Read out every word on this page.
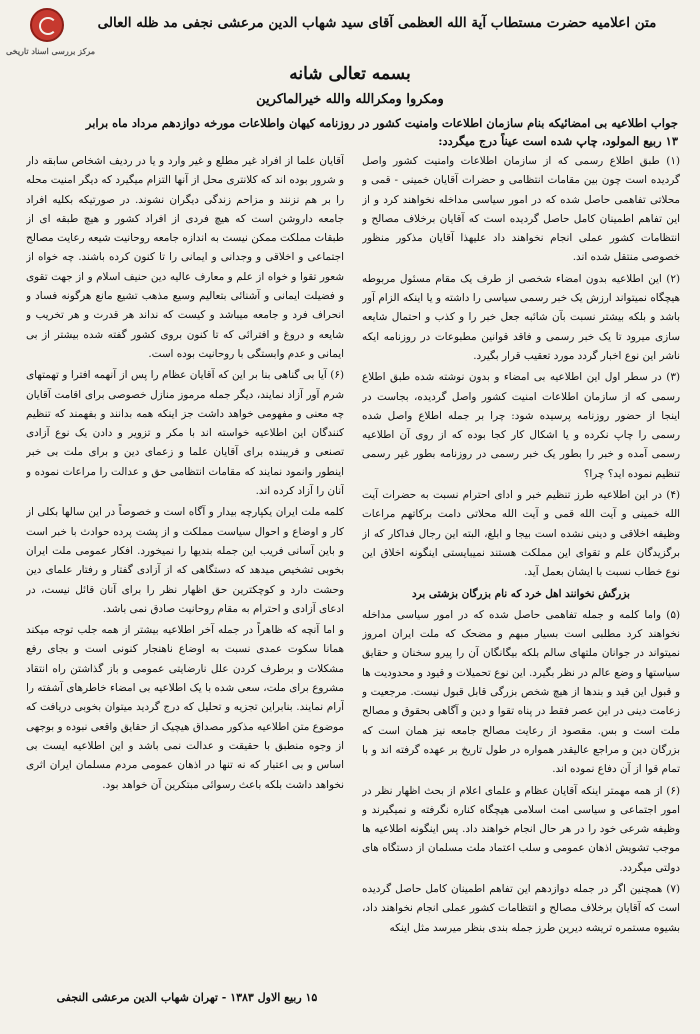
مرکز بررسی اسناد تاریخی
متن اعلامیه حضرت مستطاب آیة الله العظمی آقای سید شهاب الدین مرعشی نجفی مد ظله العالی
بسمه تعالی شانه
ومکروا ومکرالله والله خیرالماکرین
جواب اطلاعیه بی امضائیکه بنام سازمان اطلاعات وامنیت کشور در روزنامه کیهان واطلاعات مورخه دوازدهم مرداد ماه برابر
۱۳ ربیع المولود، چاپ شده است عیناً درج میگردد:

(۱) طبق اطلاع رسمی که از سازمان اطلاعات وامنیت کشور واصل گردیده است چون بین مقامات انتظامی و حضرات آقایان خمینی - قمی و محلاتی تفاهمی حاصل شده که در امور سیاسی مداخله نخواهند کرد و از این تفاهم اطمینان کامل حاصل گردیده است که آقایان برخلاف مصالح و انتظامات کشور عملی انجام نخواهند داد علیهذا آقایان مذکور منظور خصوصی منتقل شده اند.

(۲) این اطلاعیه بدون امضاء شخصی از طرف یک مقام مسئول مربوطه هیچگاه نمیتواند ارزش یک خبر رسمی سیاسی را داشته و یا اینکه الزام آور باشد و بلکه بیشتر نسبت بآن شائبه جعل خبر را و کذب و احتمال شایعه سازی میرود تا یک خبر رسمی و فاقد قوانین مطبوعات در روزنامه ایکه ناشر این نوع اخبار گردد مورد تعقیب قرار بگیرد.

(۳) در سطر اول این اطلاعیه بی امضاء و بدون نوشته شده طبق اطلاع رسمی که از سازمان اطلاعات امنیت کشور واصل گردیده، بجاست در اینجا از حضور روزنامه پرسیده شود: چرا بر جمله اطلاع واصل شده رسمی را چاپ نکرده و یا اشکال کار کجا بوده که از روی آن اطلاعیه رسمی آمده و خبر را بطور یک خبر رسمی در روزنامه بطور غیر رسمی تنظیم نموده اید؟ چرا؟

(۴) در این اطلاعیه طرز تنظیم خبر و ادای احترام نسبت به حضرات آیت الله خمینی و آیت الله قمی و آیت الله محلاتی دامت برکاتهم مراعات وظیفه اخلاقی و دینی نشده است بیجا و ابلغ، البته این رجال فداکار که از برگزیدگان علم و تقوای این مملکت هستند نمیبایستی اینگونه اخلاق این نوع خطاب نسبت با ایشان بعمل آید.

بزرگش نخوانند اهل خرد که نام بزرگان بزشتی برد

(۵) واما کلمه و جمله تفاهمی حاصل شده که در امور سیاسی مداخله نخواهند کرد مطلبی است بسیار مبهم و مضحک که ملت ایران امروز نمیتواند در جوانان ملتهای سالم بلکه بیگانگان آن را پیرو سخنان و حقایق سیاستها و وضع عالم در نظر بگیرد. این نوع تحمیلات و قیود و محدودیت ها و قبول این قید و بندها از هیچ شخص بزرگی قابل قبول نیست. مرجعیت و زعامت دینی در این عصر فقط در پناه تقوا و دین و آگاهی بحقوق و مصالح ملت است و بس. مقصود از رعایت مصالح جامعه نیز همان است که بزرگان دین و مراجع عالیقدر همواره در طول تاریخ بر عهده گرفته اند و با تمام قوا از آن دفاع نموده اند.

(۶) از همه مهمتر اینکه آقایان عظام و علمای اعلام از بحث اظهار نظر در امور اجتماعی و سیاسی امت اسلامی هیچگاه کناره نگرفته و نمیگیرند و وظیفه شرعی خود را در هر حال انجام خواهند داد. پس اینگونه اطلاعیه ها موجب تشویش اذهان عمومی و سلب اعتماد ملت مسلمان از دستگاه های دولتی میگردد.

(۷) همچنین اگر در جمله دوازدهم این تفاهم اطمینان کامل حاصل گردیده است که آقایان برخلاف مصالح و انتظامات کشور عملی انجام نخواهند داد، بشیوه مستمره تریشه دیرین طرز جمله بندی بنظر میرسد مثل اینکه

آقایان علما از افراد غیر مطلع و غیر وارد و یا در ردیف اشخاص سابقه دار و شرور بوده اند که کلانتری محل از آنها التزام میگیرد که دیگر امنیت محله را بر هم نزنند و مزاحم زندگی دیگران نشوند. در صورتیکه بکلیه افراد جامعه داروشن است که هیچ فردی از افراد کشور و هیچ طبقه ای از طبقات مملکت ممکن نیست به اندازه جامعه روحانیت شیعه رعایت مصالح اجتماعی و اخلاقی و وجدانی و ایمانی را تا کنون کرده باشند. چه خواه از شعور تقوا و خواه از علم و معارف عالیه دین حنیف اسلام و از جهت تقوی و فضیلت ایمانی و آشنائی بتعالیم وسیع مذهب تشیع مانع هرگونه فساد و انحراف فرد و جامعه میباشد و کیست که نداند هر قدرت و هر تخریب و شایعه و دروغ و افترائی که تا کنون بروی کشور گفته شده بیشتر از بی ایمانی و عدم وابستگی با روحانیت بوده است.

(۶) آیا بی گناهی بنا بر این که آقایان عظام را پس از آنهمه افترا و تهمتهای شرم آور آزاد نمایند، دیگر جمله مرموز منازل خصوصی برای اقامت آقایان چه معنی و مفهومی خواهد داشت جز اینکه همه بدانند و بفهمند که تنظیم کنندگان این اطلاعیه خواسته اند با مکر و تزویر و دادن یک نوع آزادی تصنعی و فریبنده برای آقایان علما و زعمای دین و برای ملت بی خبر اینطور وانمود نمایند که مقامات انتظامی حق و عدالت را مراعات نموده و آنان را آزاد کرده اند.

کلمه ملت ایران یکپارچه بیدار و آگاه است و خصوصاً در این سالها بکلی از کار و اوضاع و احوال سیاست مملکت و از پشت پرده حوادث با خبر است و باین آسانی فریب این جمله بندیها را نمیخورد. افکار عمومی ملت ایران بخوبی تشخیص میدهد که دستگاهی که از آزادی گفتار و رفتار علمای دین وحشت دارد و کوچکترین حق اظهار نظر را برای آنان قائل نیست، در ادعای آزادی و احترام به مقام روحانیت صادق نمی باشد.

و اما آنچه که ظاهراً در جمله آخر اطلاعیه بیشتر از همه جلب توجه میکند همانا سکوت عمدی نسبت به اوضاع ناهنجار کنونی است و بجای رفع مشکلات و برطرف کردن علل نارضایتی عمومی و باز گذاشتن راه انتقاد مشروع برای ملت، سعی شده با یک اطلاعیه بی امضاء خاطرهای آشفته را آرام نمایند. بنابراین تجزیه و تحلیل که درج گردید میتوان بخوبی دریافت که موضوع متن اطلاعیه مذکور مصداق هیچیک از حقایق واقعی نبوده و بوجهی از وجوه منطبق با حقیقت و عدالت نمی باشد و این اطلاعیه ایست بی اساس و بی اعتبار که نه تنها در اذهان عمومی مردم مسلمان ایران اثری نخواهد داشت بلکه باعث رسوائی مبتکرین آن خواهد بود.

۱۵ ربیع الاول ۱۳۸۳ - تهران شهاب الدین مرعشی النجفی
